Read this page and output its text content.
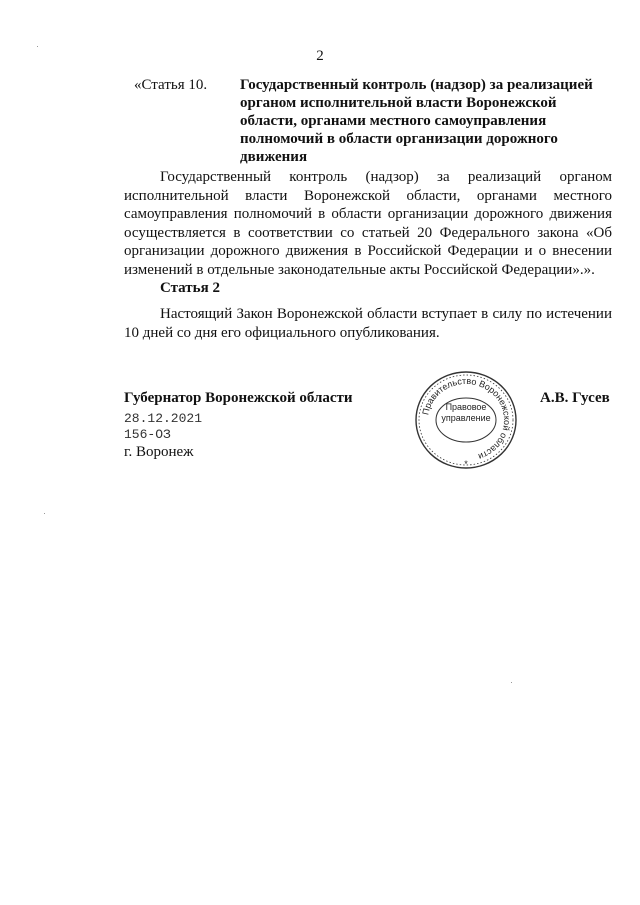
2
«Статья 10.	Государственный контроль (надзор) за реализацией органом исполнительной власти Воронежской области, органами местного самоуправления полномочий в области организации дорожного движения

Государственный контроль (надзор) за реализаций органом исполнительной власти Воронежской области, органами местного самоуправления полномочий в области организации дорожного движения осуществляется в соответствии со статьей 20 Федерального закона «Об организации дорожного движения в Российской Федерации и о внесении изменений в отдельные законодательные акты Российской Федерации».».

Статья 2

Настоящий Закон Воронежской области вступает в силу по истечении 10 дней со дня его официального опубликования.

Губернатор Воронежской области	А.В. Гусев
28.12.2021
156-ОЗ
г. Воронеж
Правительство Воронежской области
*
Правовое
управление
